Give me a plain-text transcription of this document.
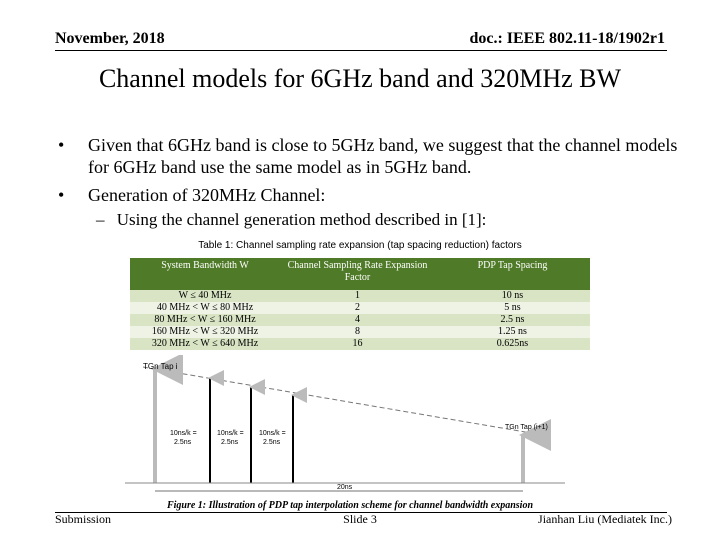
November, 2018	doc.: IEEE 802.11-18/1902r1
Channel models for 6GHz band and 320MHz BW
• Given that 6GHz band is close to 5GHz band, we suggest that the channel models for 6GHz band use the same model as in 5GHz band.
• Generation of 320MHz Channel:
– Using the channel generation method described in [1]:
Table 1: Channel sampling rate expansion (tap spacing reduction) factors
System Bandwidth W	Channel Sampling Rate Expansion Factor	PDP Tap Spacing
W ≤ 40 MHz	1	10 ns
40 MHz < W ≤ 80 MHz	2	5 ns
80 MHz < W ≤ 160 MHz	4	2.5 ns
160 MHz < W ≤ 320 MHz	8	1.25 ns
320 MHz < W ≤ 640 MHz	16	0.625ns
TGn Tap i
TGn Tap (i+1)
10ns/k =
2.5ns
10ns/k =
2.5ns
10ns/k =
2.5ns
20ns
Figure 1: Illustration of PDP tap interpolation scheme for channel bandwidth expansion
Submission	Slide 3	Jianhan Liu (Mediatek Inc.)
